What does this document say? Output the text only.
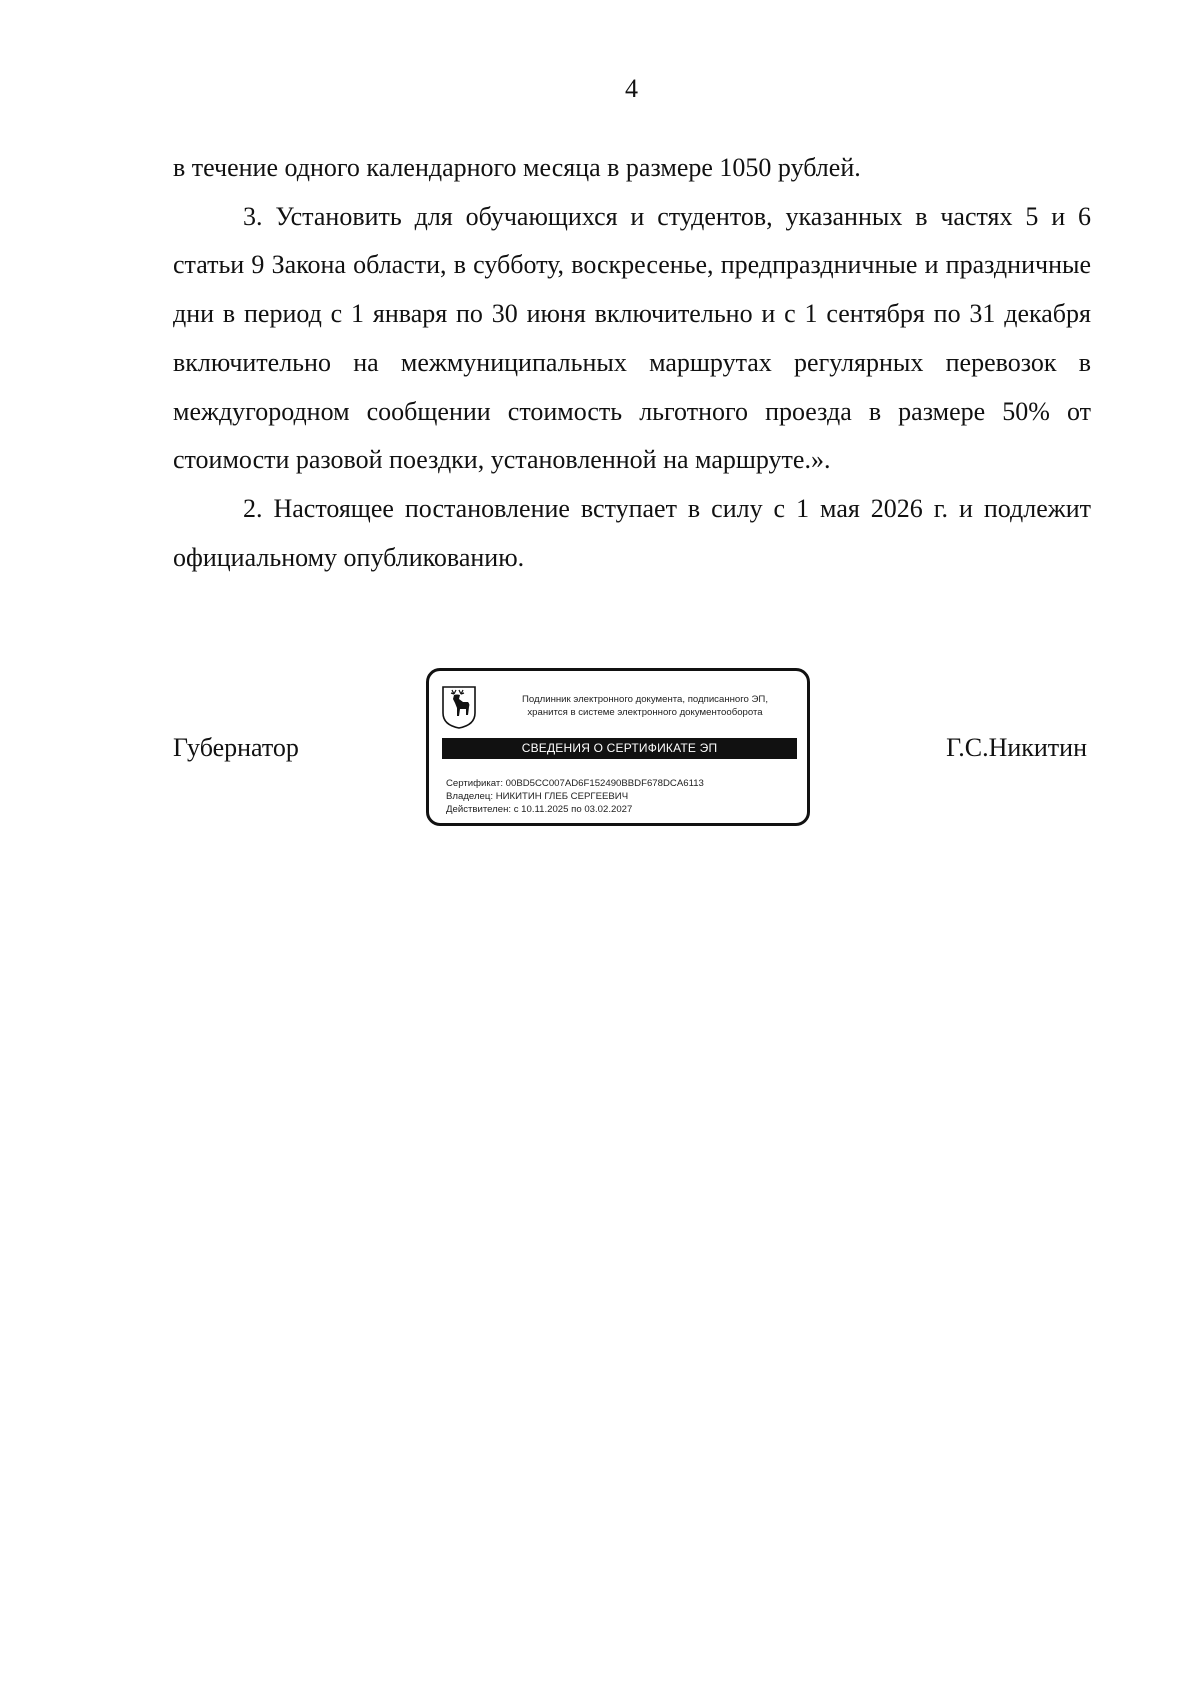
4

в течение одного календарного месяца в размере 1050 рублей.

3. Установить для обучающихся и студентов, указанных в частях 5 и 6 статьи 9 Закона области, в субботу, воскресенье, предпраздничные и праздничные дни в период с 1 января по 30 июня включительно и с 1 сентября по 31 декабря включительно на межмуниципальных маршрутах регулярных перевозок в междугородном сообщении стоимость льготного проезда в размере 50% от стоимости разовой поездки, установленной на маршруте.».

2. Настоящее постановление вступает в силу с 1 мая 2026 г. и подлежит официальному опубликованию.

Губернатор	Г.С.Никитин
Подлинник электронного документа, подписанного ЭП,
хранится в системе электронного документооборота
СВЕДЕНИЯ О СЕРТИФИКАТЕ ЭП
Сертификат: 00BD5CC007AD6F152490BBDF678DCA6113
Владелец: НИКИТИН ГЛЕБ СЕРГЕЕВИЧ
Действителен: с 10.11.2025 по 03.02.2027
